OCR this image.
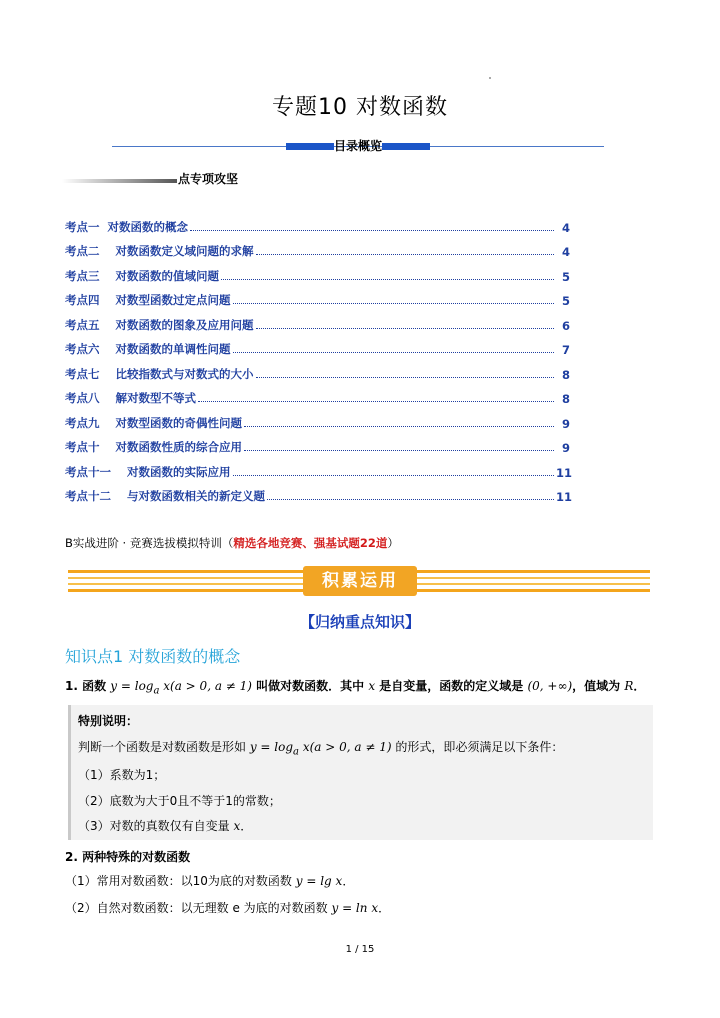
专题10 对数函数
目录概览
点专项攻坚
考点一  对数函数的概念	4
考点二    对数函数定义域问题的求解	4
考点三    对数函数的值域问题	5
考点四    对数型函数过定点问题	5
考点五    对数函数的图象及应用问题	6
考点六    对数函数的单调性问题	7
考点七    比较指数式与对数式的大小	8
考点八    解对数型不等式	8
考点九    对数型函数的奇偶性问题	9
考点十    对数函数性质的综合应用	9
考点十一    对数函数的实际应用	11
考点十二    与对数函数相关的新定义题	11
B实战进阶 · 竞赛选拔模拟特训（精选各地竞赛、强基试题22道）
积累运用
【归纳重点知识】
知识点1 对数函数的概念
1. 函数 $y = \log_a x(a > 0$, a ≠ 1) 叫做对数函数．其中 x 是自变量，函数的定义域是 (0, +∞)，值域为 R．
特别说明：
判断一个函数是对数函数是形如 $y = \log_a x(a > 0$, a ≠ 1) 的形式，即必须满足以下条件：
（1）系数为1；
（2）底数为大于0且不等于1的常数；
（3）对数的真数仅有自变量 x．
2. 两种特殊的对数函数
（1）常用对数函数：以10为底的对数函数 y = lg x．
（2）自然对数函数：以无理数 e 为底的对数函数 y = ln x．
1 / 15
